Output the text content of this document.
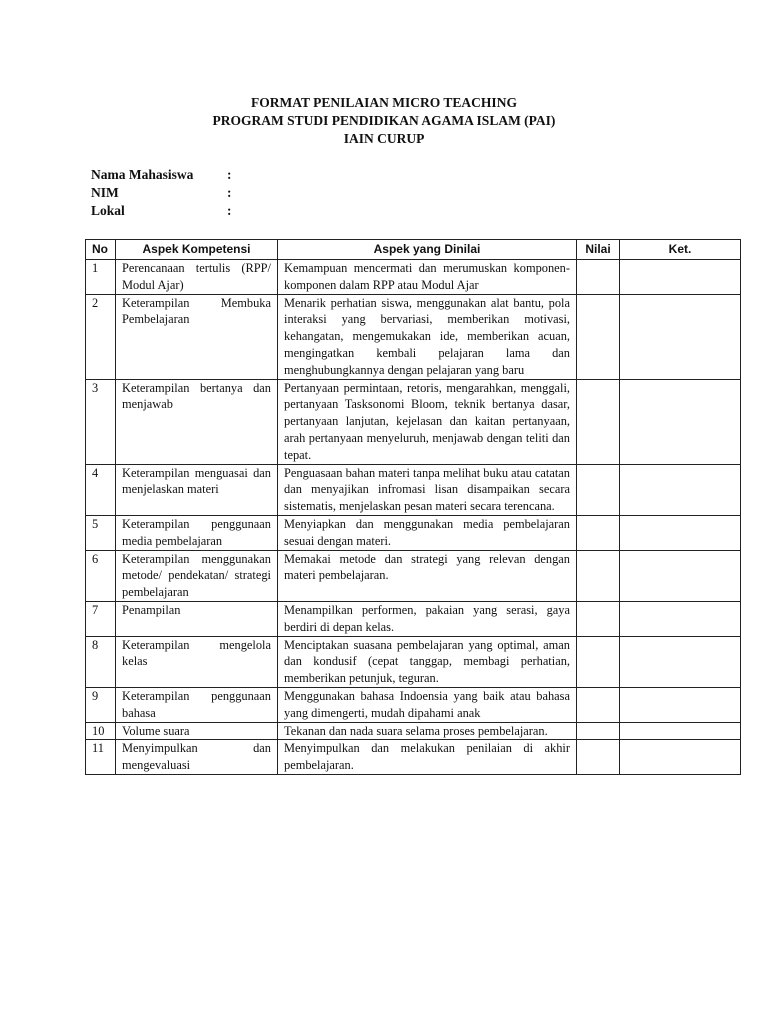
FORMAT PENILAIAN MICRO TEACHING
PROGRAM STUDI PENDIDIKAN AGAMA ISLAM (PAI)
IAIN CURUP
Nama Mahasiswa	:
NIM	:
Lokal	:
No	Aspek Kompetensi	Aspek yang Dinilai	Nilai	Ket.
1	Perencanaan tertulis (RPP/ Modul Ajar)	Kemampuan mencermati dan merumuskan komponen-komponen dalam RPP atau Modul Ajar		
2	Keterampilan Membuka Pembelajaran	Menarik perhatian siswa, menggunakan alat bantu, pola interaksi yang bervariasi, memberikan motivasi, kehangatan, mengemukakan ide, memberikan acuan, mengingatkan kembali pelajaran lama dan menghubungkannya dengan pelajaran yang baru		
3	Keterampilan bertanya dan menjawab	Pertanyaan permintaan, retoris, mengarahkan, menggali, pertanyaan Tasksonomi Bloom, teknik bertanya dasar, pertanyaan lanjutan, kejelasan dan kaitan pertanyaan, arah pertanyaan menyeluruh, menjawab dengan teliti dan tepat.		
4	Keterampilan menguasai dan menjelaskan materi	Penguasaan bahan materi tanpa melihat buku atau catatan dan menyajikan infromasi lisan disampaikan secara sistematis, menjelaskan pesan materi secara terencana.		
5	Keterampilan penggunaan media pembelajaran	Menyiapkan dan menggunakan media pembelajaran sesuai dengan materi.		
6	Keterampilan menggunakan metode/ pendekatan/ strategi pembelajaran	Memakai metode dan strategi yang relevan dengan materi pembelajaran.		
7	Penampilan	Menampilkan performen, pakaian yang serasi, gaya berdiri di depan kelas.		
8	Keterampilan mengelola kelas	Menciptakan suasana pembelajaran yang optimal, aman dan kondusif (cepat tanggap, membagi perhatian, memberikan petunjuk, teguran.		
9	Keterampilan penggunaan bahasa	Menggunakan bahasa Indoensia yang baik atau bahasa yang dimengerti, mudah dipahami anak		
10	Volume suara	Tekanan dan nada suara selama proses pembelajaran.		
11	Menyimpulkan dan mengevaluasi	Menyimpulkan dan melakukan penilaian di akhir pembelajaran.		
